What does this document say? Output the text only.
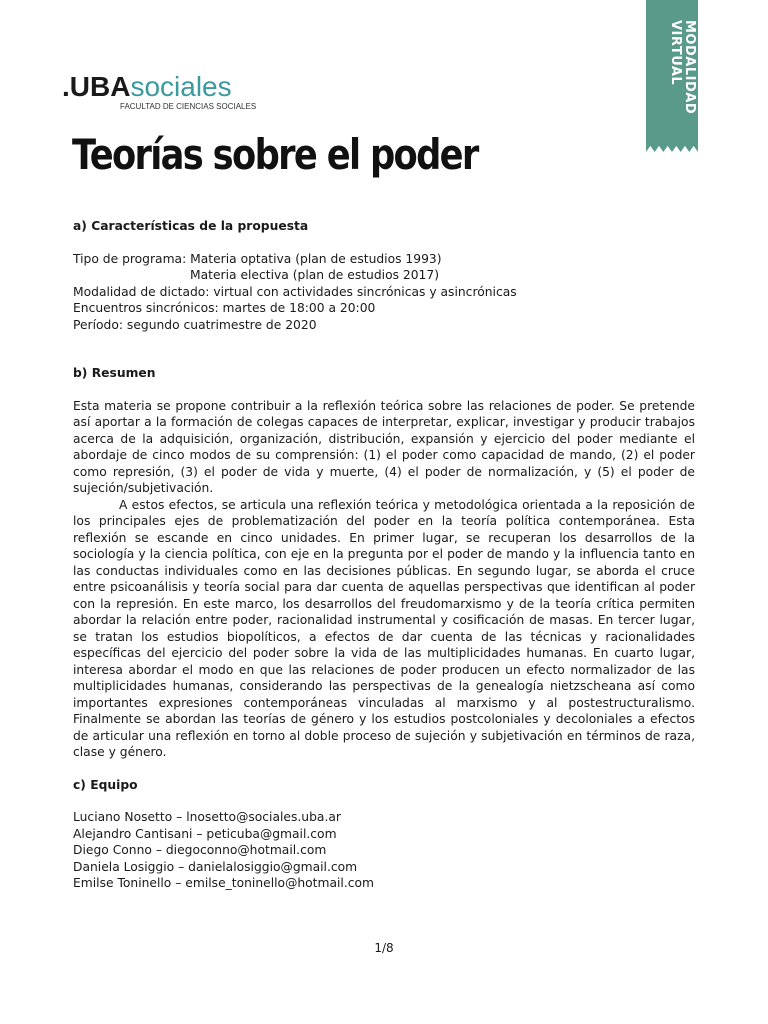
MODALIDAD
VIRTUAL
.UBAsociales
FACULTAD DE CIENCIAS SOCIALES
Teorías sobre el poder

a) Características de la propuesta

Tipo de programa: Materia optativa (plan de estudios 1993)
Materia electiva (plan de estudios 2017)
Modalidad de dictado: virtual con actividades sincrónicas y asincrónicas
Encuentros sincrónicos: martes de 18:00 a 20:00
Período: segundo cuatrimestre de 2020

b) Resumen

Esta materia se propone contribuir a la reflexión teórica sobre las relaciones de poder. Se pretende así aportar a la formación de colegas capaces de interpretar, explicar, investigar y producir trabajos acerca de la adquisición, organización, distribución, expansión y ejercicio del poder mediante el abordaje de cinco modos de su comprensión: (1) el poder como capacidad de mando, (2) el poder como represión, (3) el poder de vida y muerte, (4) el poder de normalización, y (5) el poder de sujeción/subjetivación.

A estos efectos, se articula una reflexión teórica y metodológica orientada a la reposición de los principales ejes de problematización del poder en la teoría política contemporánea. Esta reflexión se escande en cinco unidades. En primer lugar, se recuperan los desarrollos de la sociología y la ciencia política, con eje en la pregunta por el poder de mando y la influencia tanto en las conductas individuales como en las decisiones públicas. En segundo lugar, se aborda el cruce entre psicoanálisis y teoría social para dar cuenta de aquellas perspectivas que identifican al poder con la represión. En este marco, los desarrollos del freudomarxismo y de la teoría crítica permiten abordar la relación entre poder, racionalidad instrumental y cosificación de masas. En tercer lugar, se tratan los estudios biopolíticos, a efectos de dar cuenta de las técnicas y racionalidades específicas del ejercicio del poder sobre la vida de las multiplicidades humanas. En cuarto lugar, interesa abordar el modo en que las relaciones de poder producen un efecto normalizador de las multiplicidades humanas, considerando las perspectivas de la genealogía nietzscheana así como importantes expresiones contemporáneas vinculadas al marxismo y al postestructuralismo. Finalmente se abordan las teorías de género y los estudios postcoloniales y decoloniales a efectos de articular una reflexión en torno al doble proceso de sujeción y subjetivación en términos de raza, clase y género.

c) Equipo

Luciano Nosetto – lnosetto@sociales.uba.ar
Alejandro Cantisani – peticuba@gmail.com
Diego Conno – diegoconno@hotmail.com
Daniela Losiggio – danielalosiggio@gmail.com
Emilse Toninello – emilse_toninello@hotmail.com
1/8
